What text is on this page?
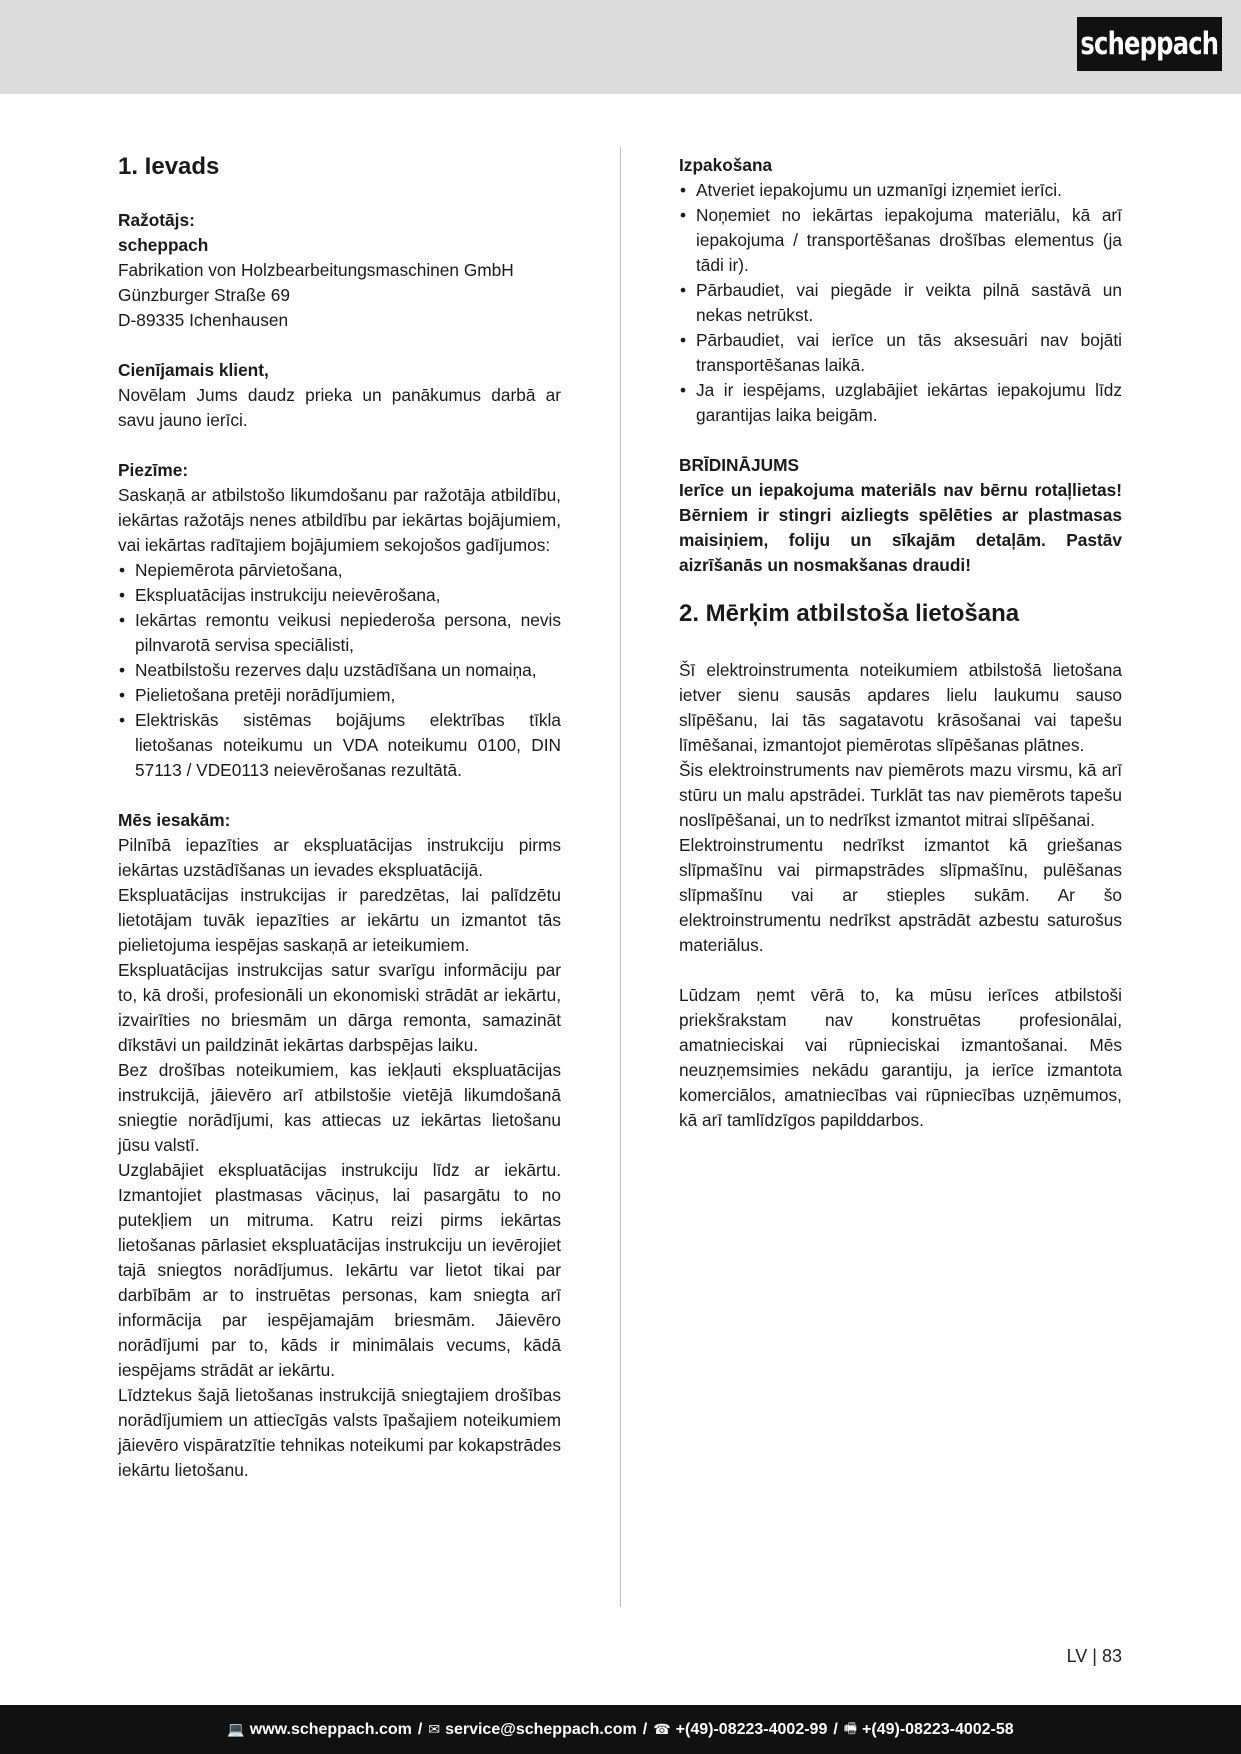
scheppach
1. Ievads
Ražotājs:
scheppach
Fabrikation von Holzbearbeitungsmaschinen GmbH
Günzburger Straße 69
D-89335 Ichenhausen
Cienījamais klient,
Novēlam Jums daudz prieka un panākumus darbā ar savu jauno ierīci.
Piezīme:
Saskaņā ar atbilstošo likumdošanu par ražotāja atbildību, iekārtas ražotājs nenes atbildību par iekārtas bojājumiem, vai iekārtas radītajiem bojājumiem sekojošos gadījumos:
• Nepiemērota pārvietošana,
• Ekspluatācijas instrukciju neievērošana,
• Iekārtas remontu veikusi nepiederoša persona, nevis pilnvarotā servisa speciālisti,
• Neatbilstošu rezerves daļu uzstādīšana un nomaiņa,
• Pielietošana pretēji norādījumiem,
• Elektriskās sistēmas bojājums elektrības tīkla lietošanas noteikumu un VDA noteikumu 0100, DIN 57113 / VDE0113 neievērošanas rezultātā.
Mēs iesakām:
Pilnībā iepazīties ar ekspluatācijas instrukciju pirms iekārtas uzstādīšanas un ievades ekspluatācijā.
Ekspluatācijas instrukcijas ir paredzētas, lai palīdzētu lietotājam tuvāk iepazīties ar iekārtu un izmantot tās pielietojuma iespējas saskaņā ar ieteikumiem.
Ekspluatācijas instrukcijas satur svarīgu informāciju par to, kā droši, profesionāli un ekonomiski strādāt ar iekārtu, izvairīties no briesmām un dārga remonta, samazināt dīkstāvi un paildzināt iekārtas darbspējas laiku.
Bez drošības noteikumiem, kas iekļauti ekspluatācijas instrukcijā, jāievēro arī atbilstošie vietējā likumdošanā sniegtie norādījumi, kas attiecas uz iekārtas lietošanu jūsu valstī.
Uzglabājiet ekspluatācijas instrukciju līdz ar iekārtu. Izmantojiet plastmasas vāciņus, lai pasargātu to no putekļiem un mitruma. Katru reizi pirms iekārtas lietošanas pārlasiet ekspluatācijas instrukciju un ievērojiet tajā sniegtos norādījumus. Iekārtu var lietot tikai par darbībām ar to instruētas personas, kam sniegta arī informācija par iespējamajām briesmām. Jāievēro norādījumi par to, kāds ir minimālais vecums, kādā iespējams strādāt ar iekārtu.
Līdztekus šajā lietošanas instrukcijā sniegtajiem drošības norādījumiem un attiecīgās valsts īpašajiem noteikumiem jāievēro vispāratzītie tehnikas noteikumi par kokapstrādes iekārtu lietošanu.
Izpakošana
• Atveriet iepakojumu un uzmanīgi izņemiet ierīci.
• Noņemiet no iekārtas iepakojuma materiālu, kā arī iepakojuma / transportēšanas drošības elementus (ja tādi ir).
• Pārbaudiet, vai piegāde ir veikta pilnā sastāvā un nekas netrūkst.
• Pārbaudiet, vai ierīce un tās aksesuāri nav bojāti transportēšanas laikā.
• Ja ir iespējams, uzglabājiet iekārtas iepakojumu līdz garantijas laika beigām.
BRĪDINĀJUMS
Ierīce un iepakojuma materiāls nav bērnu rotaļlietas! Bērniem ir stingri aizliegts spēlēties ar plastmasas maisiņiem, foliju un sīkajām detaļām. Pastāv aizrīšanās un nosmakšanas draudi!
2. Mērķim atbilstoša lietošana
Šī elektroinstrumenta noteikumiem atbilstošā lietošana ietver sienu sausās apdares lielu laukumu sauso slīpēšanu, lai tās sagatavotu krāsošanai vai tapešu līmēšanai, izmantojot piemērotas slīpēšanas plātnes.
Šis elektroinstruments nav piemērots mazu virsmu, kā arī stūru un malu apstrādei. Turklāt tas nav piemērots tapešu noslīpēšanai, un to nedrīkst izmantot mitrai slīpēšanai.
Elektroinstrumentu nedrīkst izmantot kā griešanas slīpmašīnu vai pirmapstrādes slīpmašīnu, pulēšanas slīpmašīnu vai ar stieples sukām. Ar šo elektroinstrumentu nedrīkst apstrādāt azbestu saturošus materiālus.
Lūdzam ņemt vērā to, ka mūsu ierīces atbilstoši priekšrakstam nav konstruētas profesionālai, amatnieciskai vai rūpnieciskai izmantošanai. Mēs neuzņemsimies nekādu garantiju, ja ierīce izmantota komerciālos, amatniecības vai rūpniecības uzņēmumos, kā arī tamlīdzīgos papilddarbos.
LV | 83
💻 www.scheppach.com / ✉ service@scheppach.com / ☎ +(49)-08223-4002-99 / 🖷 +(49)-08223-4002-58
